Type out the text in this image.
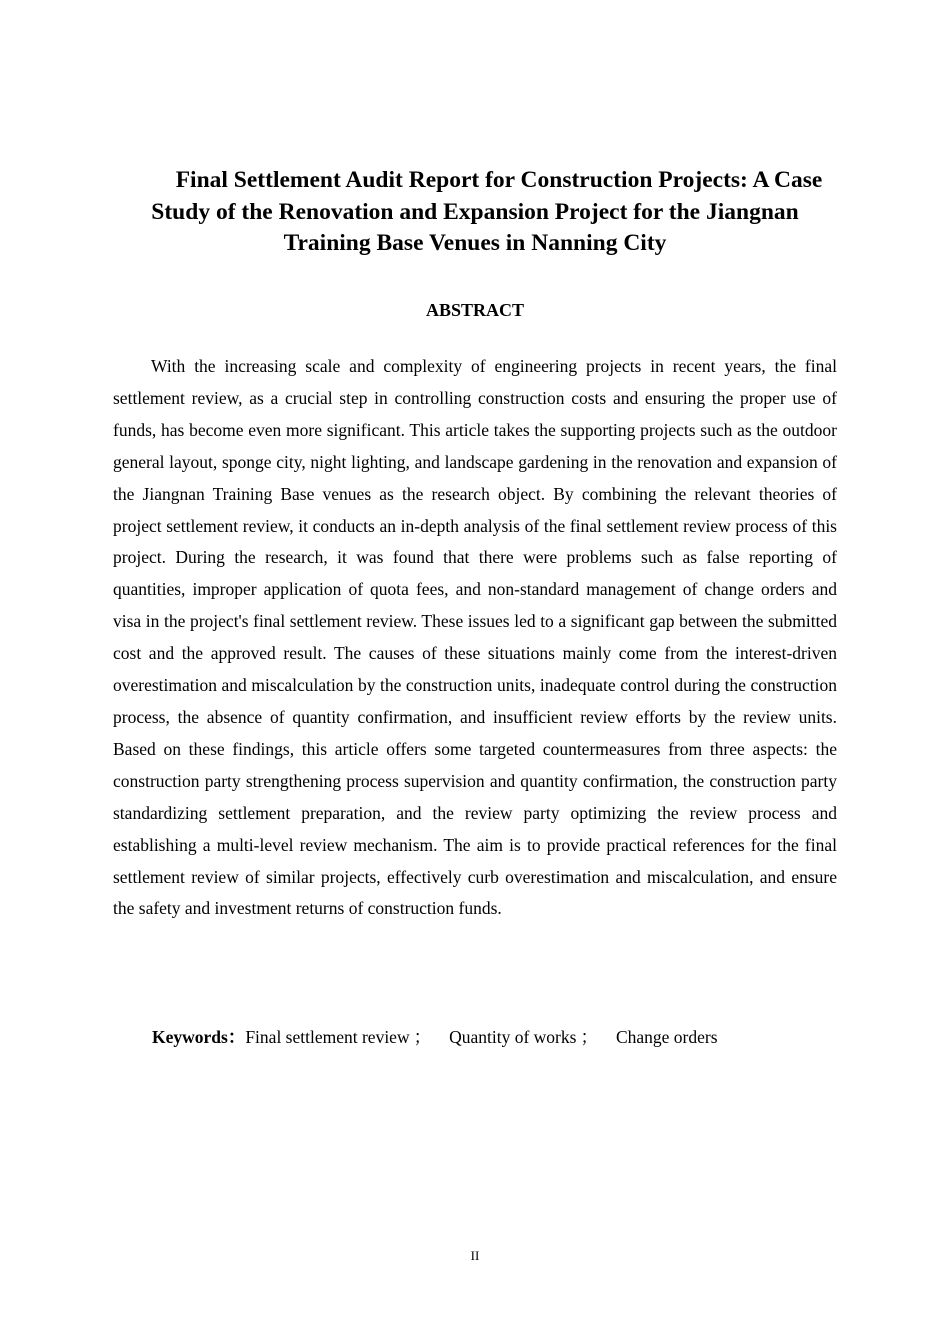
Final Settlement Audit Report for Construction Projects: A Case Study of the Renovation and Expansion Project for the Jiangnan Training Base Venues in Nanning City
ABSTRACT

With the increasing scale and complexity of engineering projects in recent years, the final settlement review, as a crucial step in controlling construction costs and ensuring the proper use of funds, has become even more significant. This article takes the supporting projects such as the outdoor general layout, sponge city, night lighting, and landscape gardening in the renovation and expansion of the Jiangnan Training Base venues as the research object. By combining the relevant theories of project settlement review, it conducts an in-depth analysis of the final settlement review process of this project. During the research, it was found that there were problems such as false reporting of quantities, improper application of quota fees, and non-standard management of change orders and visa in the project's final settlement review. These issues led to a significant gap between the submitted cost and the approved result. The causes of these situations mainly come from the interest-driven overestimation and miscalculation by the construction units, inadequate control during the construction process, the absence of quantity confirmation, and insufficient review efforts by the review units. Based on these findings, this article offers some targeted countermeasures from three aspects: the construction party strengthening process supervision and quantity confirmation, the construction party standardizing settlement preparation, and the review party optimizing the review process and establishing a multi-level review mechanism. The aim is to provide practical references for the final settlement review of similar projects, effectively curb overestimation and miscalculation, and ensure the safety and investment returns of construction funds.

Keywords：Final settlement review ； Quantity of works ； Change orders

II
